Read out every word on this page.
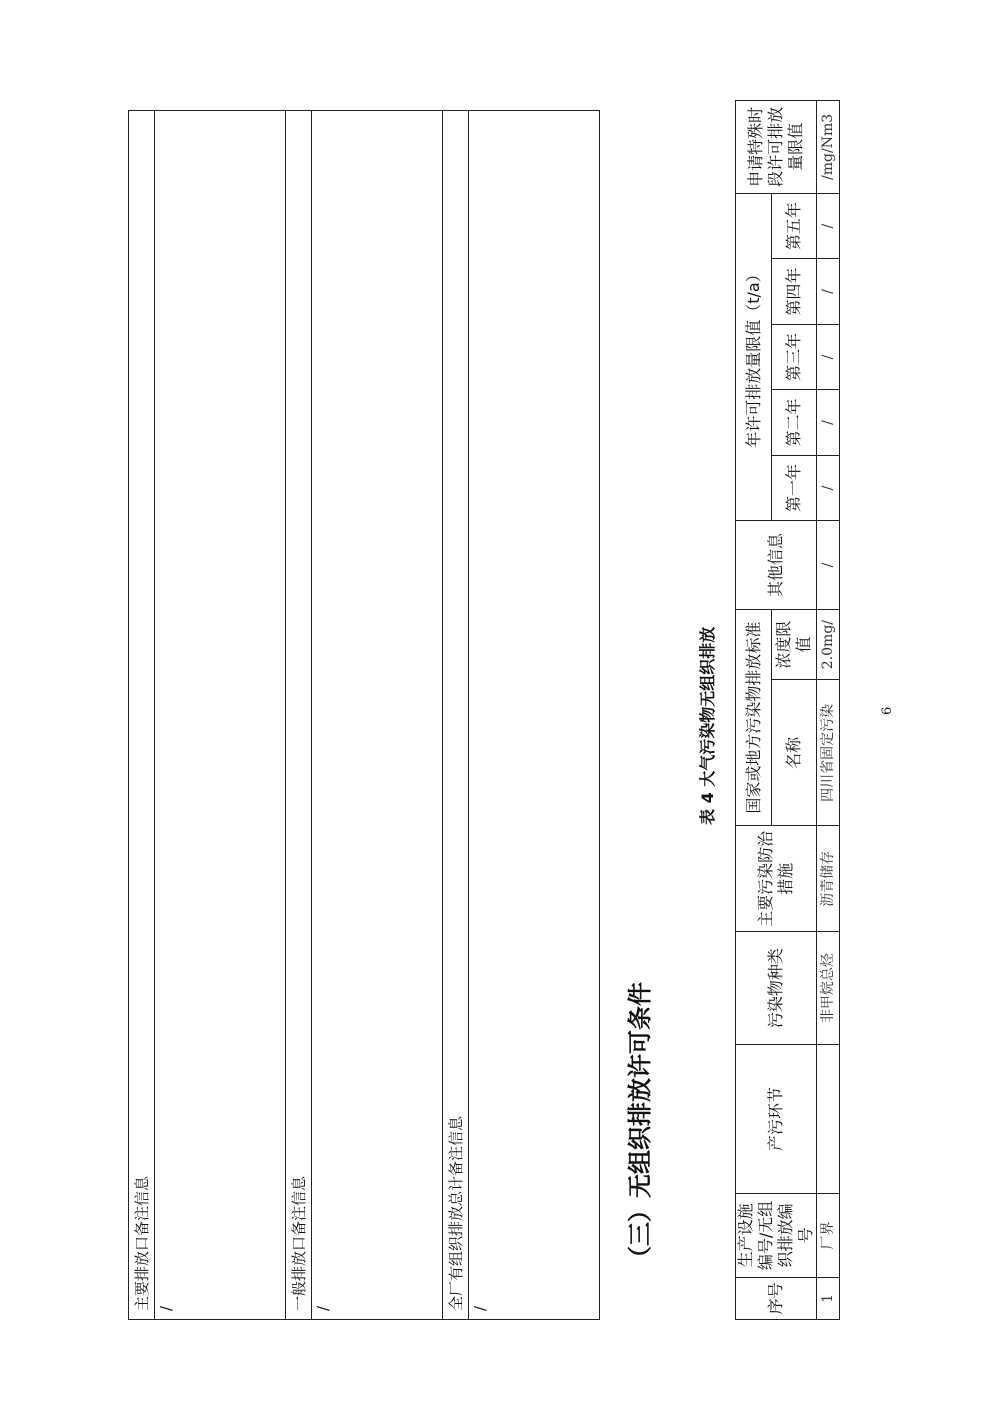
主要排放口备注信息
/
一般排放口备注信息
/
全厂有组织排放总计备注信息
/
（三）无组织排放许可条件
表 4 大气污染物无组织排放	6
序号	生产设施编号/无组织排放编号	产污环节	污染物种类	主要污染防治措施	国家或地方污染物排放标准		其他信息	年许可排放量限值（t/a）					申请特殊时段许可排放量限值
					名称	浓度限值		第一年	第二年	第三年	第四年	第五年	
1	厂界		非甲烷总烃	沥青储存	四川省固定污染	2.0mg/	/	/	/	/	/	/	/mg/Nm3
